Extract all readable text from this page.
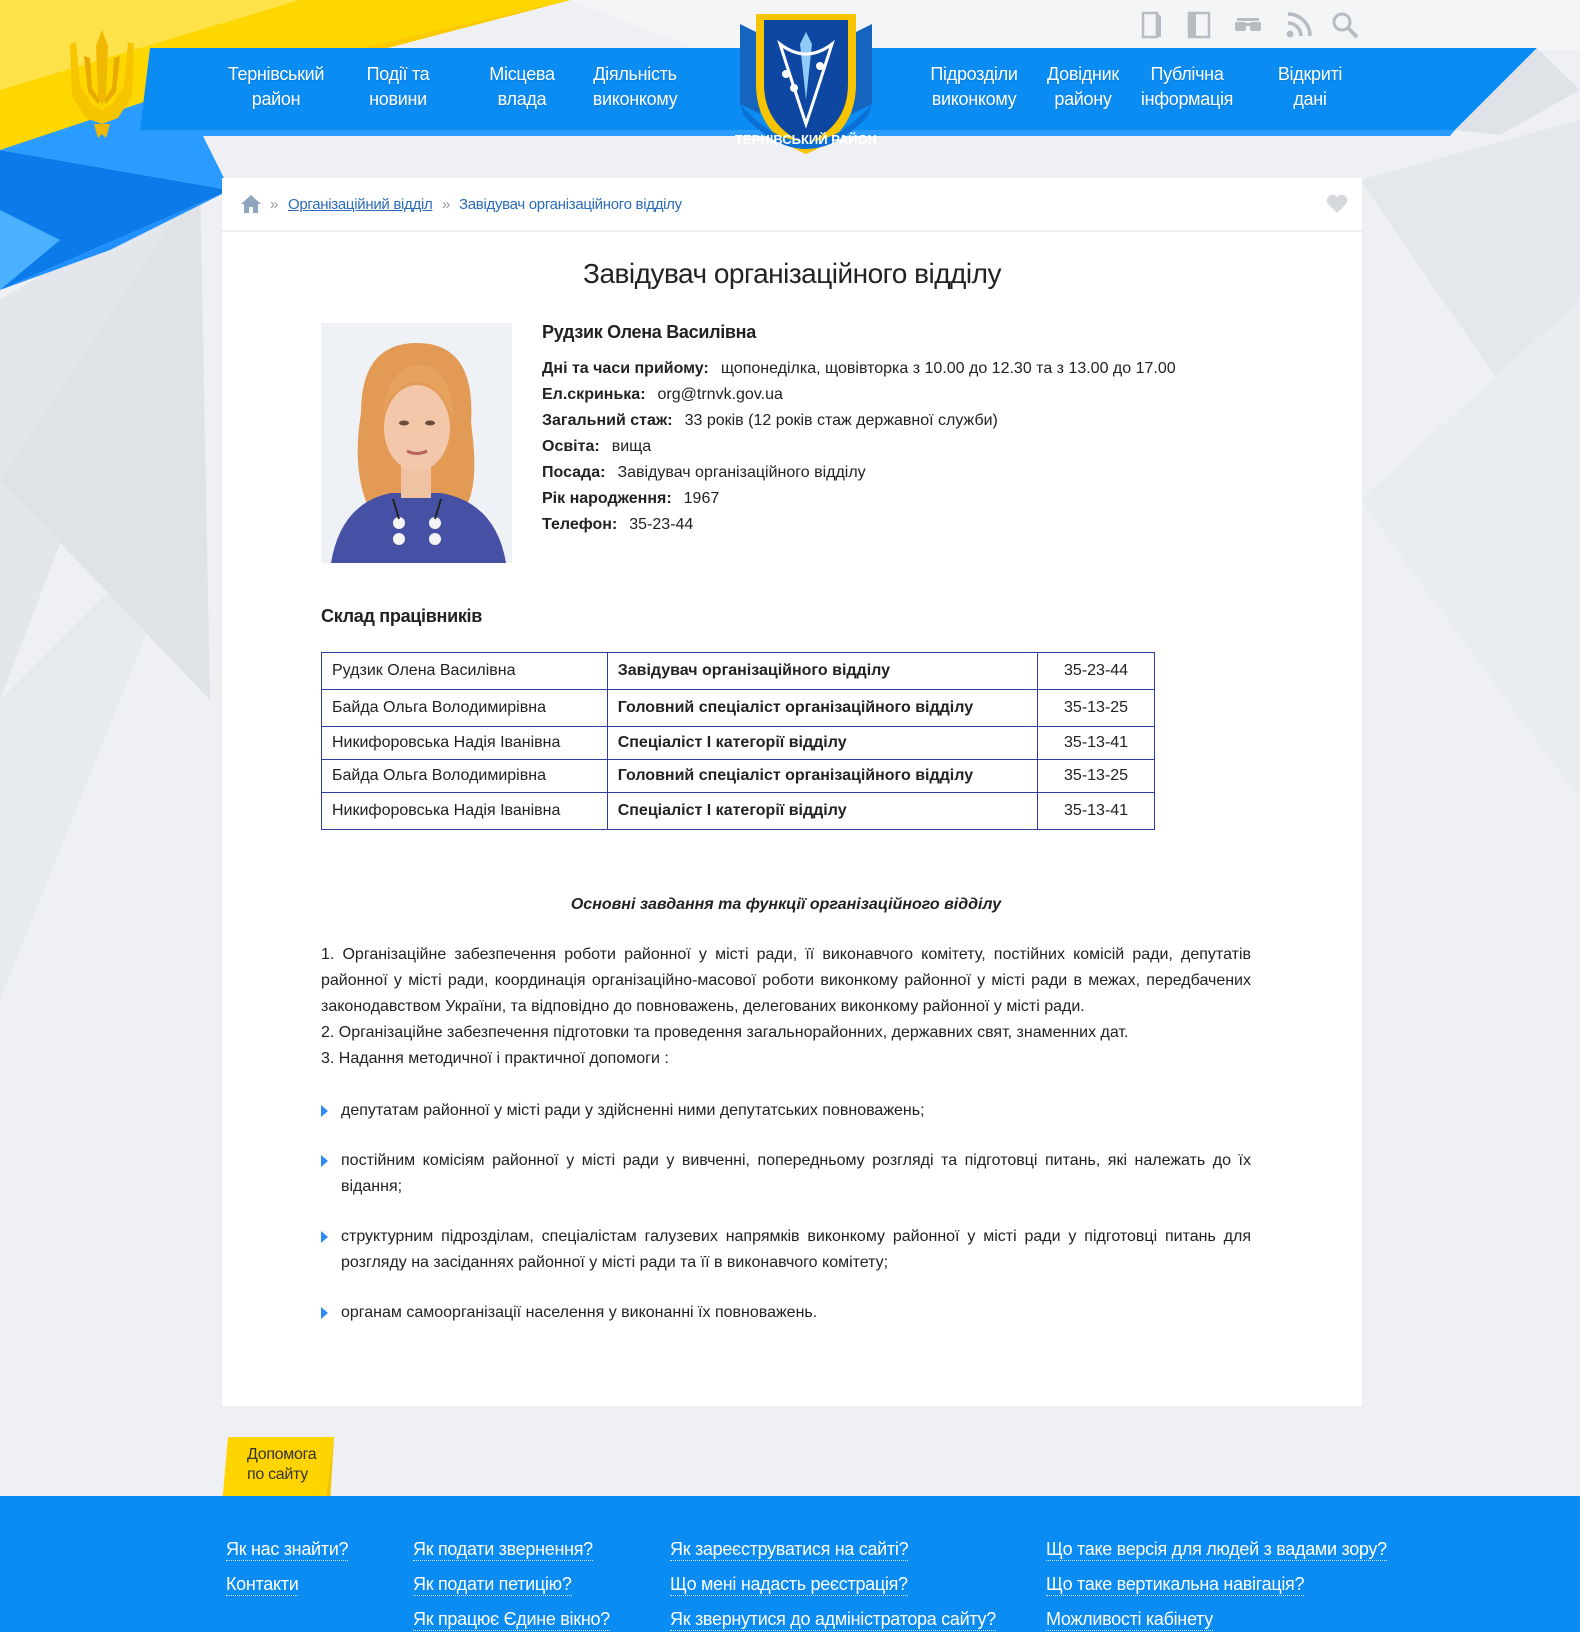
Тернівський
район
Події та
новини
Місцева
влада
Діяльність
виконкому
ТЕРНІВСЬКИЙ РАЙОН
Підрозділи
виконкому
Довідник
району
Публічна
інформація
Відкриті
дані
» Організаційний відділ » Завідувач організаційного відділу
Завідувач організаційного відділу
Рудзик Олена Василівна
Дні та часи прийому: щопонеділка, щовівторка з 10.00 до 12.30 та з 13.00 до 17.00
Ел.скринька: org@trnvk.gov.ua
Загальний стаж: 33 років (12 років стаж державної служби)
Освіта: вища
Посада: Завідувач організаційного відділу
Рік народження: 1967
Телефон: 35-23-44
Склад працівників
Рудзик Олена Василівна	Завідувач організаційного відділу	35-23-44
Байда Ольга Володимирівна	Головний спеціаліст організаційного відділу	35-13-25
Никифоровська Надія Іванівна	Спеціаліст І категорії відділу	35-13-41
Байда Ольга Володимирівна	Головний спеціаліст організаційного відділу	35-13-25
Никифоровська Надія Іванівна	Спеціаліст І категорії відділу	35-13-41
Основні завдання та функції організаційного відділу
1. Організаційне забезпечення роботи районної у місті ради, її виконавчого комітету, постійних комісій ради, депутатів районної у місті ради, координація організаційно-масової роботи виконкому районної у місті ради в межах, передбачених законодавством України, та відповідно до повноважень, делегованих виконкому районної у місті ради.
2. Організаційне забезпечення підготовки та проведення загальнорайонних, державних свят, знаменних дат.
3. Надання методичної і практичної допомоги :
депутатам районної у місті ради у здійсненні ними депутатських повноважень;
постійним комісіям районної у місті ради у вивченні, попередньому розгляді та підготовці питань, які належать до їх відання;
структурним підрозділам, спеціалістам галузевих напрямків виконкому районної у місті ради у підготовці питань для розгляду на засіданнях районної у місті ради та її в виконавчого комітету;
органам самоорганізації населення у виконанні їх повноважень.
Допомога
по сайту
Як нас знайти?
Контакти
Як подати звернення?
Як подати петицію?
Як працює Єдине вікно?
Як зареєструватися на сайті?
Що мені надасть реєстрація?
Як звернутися до адміністратора сайту?
Що таке версія для людей з вадами зору?
Що таке вертикальна навігація?
Можливості кабінету
